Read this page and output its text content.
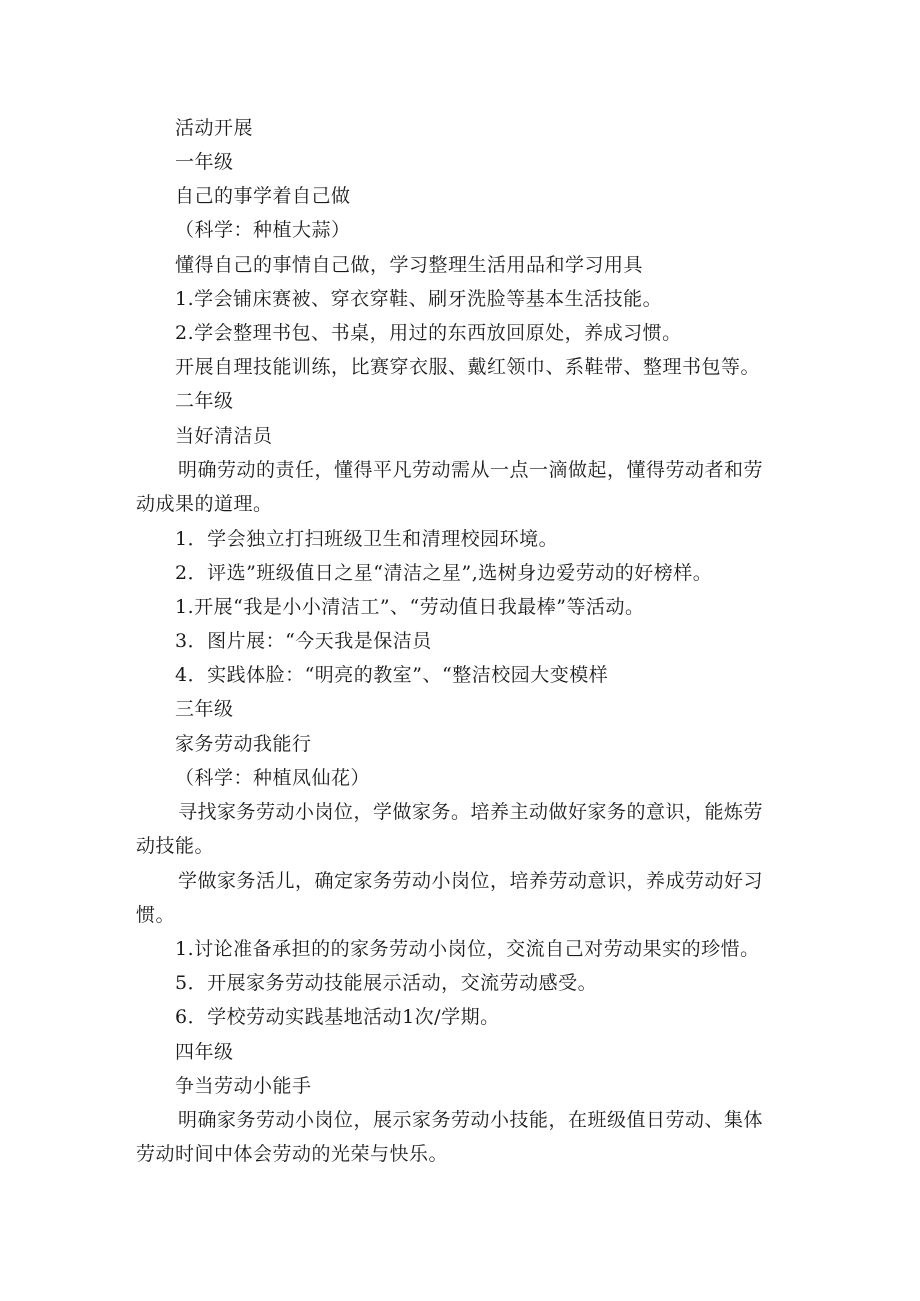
活动开展
一年级
自己的事学着自己做
（科学：种植大蒜）
懂得自己的事情自己做，学习整理生活用品和学习用具
1.学会铺床赛被、穿衣穿鞋、刷牙洗脸等基本生活技能。
2.学会整理书包、书桌，用过的东西放回原处，养成习惯。
开展自理技能训练，比赛穿衣服、戴红领巾、系鞋带、整理书包等。
二年级
当好清洁员
明确劳动的责任，懂得平凡劳动需从一点一滴做起，懂得劳动者和劳
动成果的道理。
1．学会独立打扫班级卫生和清理校园环境。
2．评选”班级值日之星“清洁之星”,选树身边爱劳动的好榜样。
1.开展“我是小小清洁工”、“劳动值日我最棒”等活动。
3．图片展：“今天我是保洁员
4．实践体脸：“明亮的教室”、“整洁校园大变模样
三年级
家务劳动我能行
（科学：种植凤仙花）
寻找家务劳动小岗位，学做家务。培养主动做好家务的意识，能炼劳
动技能。
学做家务活儿，确定家务劳动小岗位，培养劳动意识，养成劳动好习
惯。
1.讨论准备承担的的家务劳动小岗位，交流自己对劳动果实的珍惜。
5．开展家务劳动技能展示活动，交流劳动感受。
6．学校劳动实践基地活动1次/学期。
四年级
争当劳动小能手
明确家务劳动小岗位，展示家务劳动小技能，在班级值日劳动、集体
劳动时间中体会劳动的光荣与快乐。
